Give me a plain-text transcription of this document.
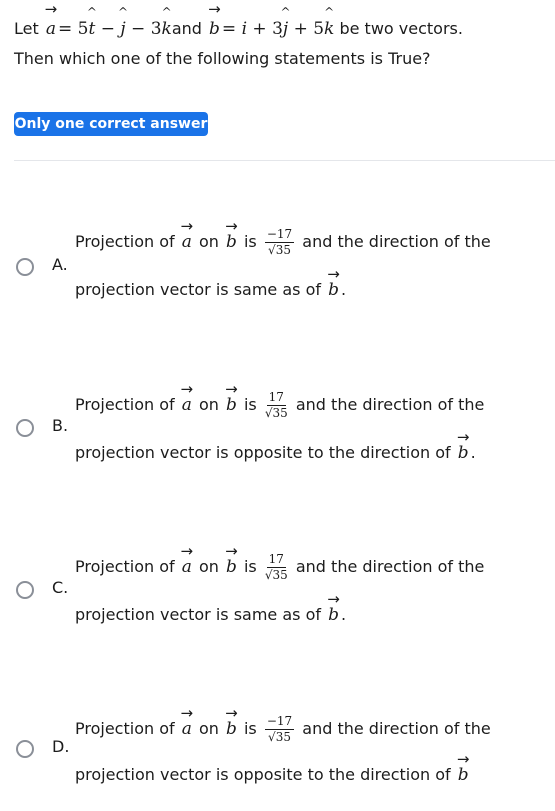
Let → a = 5^ t − ^ j − 3^ kand → b = i + 3^ j + 5^ k be two vectors.
Then which one of the following statements is True?
Only one correct answer
A.
Projection of → a on → b is $\frac{-17}{√35}$ and the direction of the
projection vector is same as of → b .
B.
Projection of → a on → b is $\frac{17}{√35}$ and the direction of the
projection vector is opposite to the direction of → b .
C.
Projection of → a on → b is $\frac{17}{√35}$ and the direction of the
projection vector is same as of → b .
D.
Projection of → a on → b is $\frac{-17}{√35}$ and the direction of the
projection vector is opposite to the direction of → b
